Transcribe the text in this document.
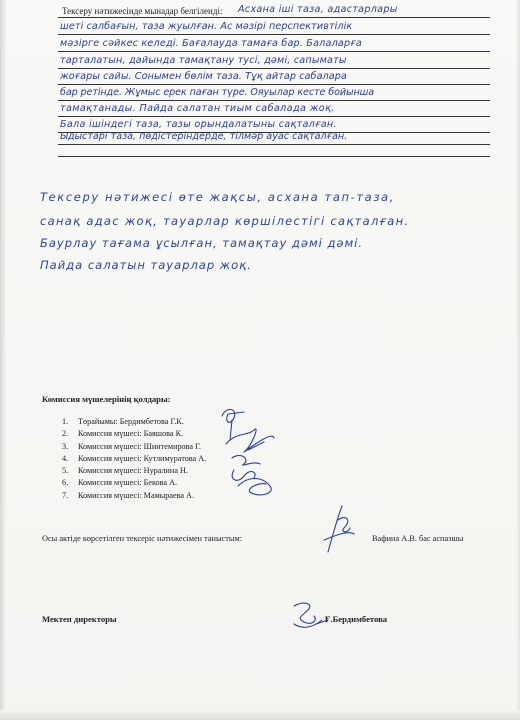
Тексеру нәтижесінде мынадар белгіленді: Асхана іші таза, адастарлары
шеті салбағын, таза жуылған. Ас мәзірі перспективтілік
мәзірге сәйкес келеді. Бағалауда тамаға бар. Балаларға
тарталатын, дайында тамақтану тусі, дәмі, сапыматы
жоғары сайы. Сонымен бөлім таза. Тұқ айтар сабалара
бар ретінде. Жұмыс ерек паған түре. Ояуылар кесте бойынша
тамақтанады. Пайда салатан тиым сабалада жоқ.
Бала ішіндегі таза, тазы орындалатыны сақталған.
Ыдыстарі таза, пөдістеріндерде, тілмәр ауас сақталған.
Тексеру нәтижесі өте жақсы, асхана тап-таза,
санақ адас жоқ, тауарлар көршілестігі сақталған.
Баурлау тағама ұсылған, тамақтау дәмі дәмі.
Пайда салатын тауарлар жоқ.
Комиссия мүшелерінің қолдары:
1. Төрайымы: Бердимбетова Г.К.
2. Комиссия мүшесі: Баяшова К.
3. Комиссия мүшесі: Шинтемирова Г.
4. Комиссия мүшесі: Кутлимуратова А.
5. Комиссия мүшесі: Нуралина Н.
6. Комиссия мүшесі: Бекова А.
7. Комиссия мүшесі: Мамыраева А.
Осы актіде көрсетілген тексеріс нәтижесімен таныстым:	Вафина А.В. бас аспазшы
Мектеп директоры	Ғ.Бердимбетова
